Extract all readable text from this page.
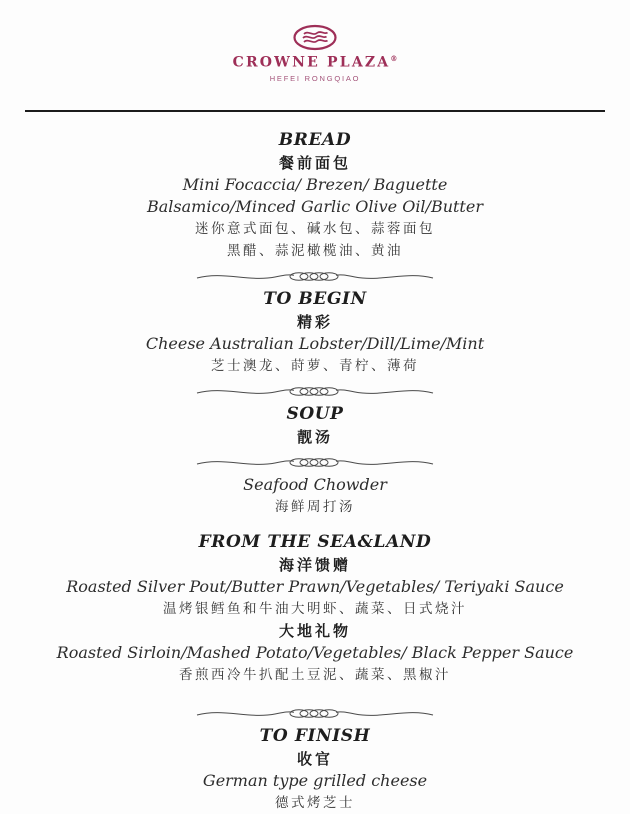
CROWNE PLAZA®
HEFEI RONGQIAO
BREAD
餐前面包
Mini Focaccia/ Brezen/ Baguette
Balsamico/Minced Garlic Olive Oil/Butter
迷你意式面包、碱水包、蒜蓉面包
黑醋、蒜泥橄榄油、黄油
TO BEGIN
精彩
Cheese Australian Lobster/Dill/Lime/Mint
芝士澳龙、莳萝、青柠、薄荷
SOUP
靓汤
Seafood Chowder
海鲜周打汤
FROM THE SEA&LAND
海洋馈赠
Roasted Silver Pout/Butter Prawn/Vegetables/ Teriyaki Sauce
温烤银鳕鱼和牛油大明虾、蔬菜、日式烧汁
大地礼物
Roasted Sirloin/Mashed Potato/Vegetables/ Black Pepper Sauce
香煎西冷牛扒配土豆泥、蔬菜、黑椒汁
TO FINISH
收官
German type grilled cheese
德式烤芝士
